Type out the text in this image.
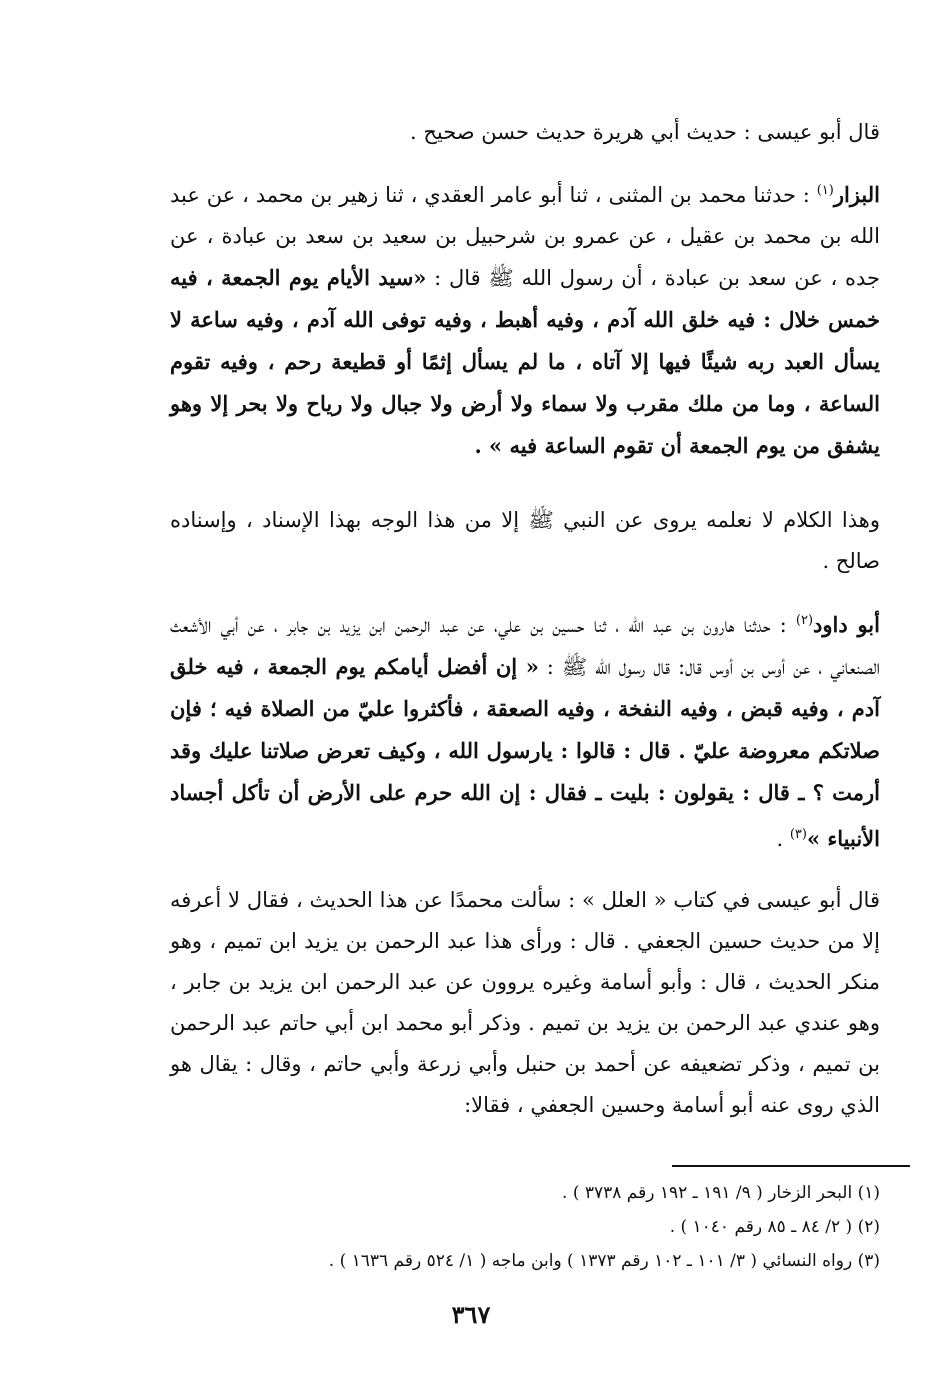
قال أبو عيسى : حديث أبي هريرة حديث حسن صحيح .

البزار$^{(١)}$ : حدثنا محمد بن المثنى ، ثنا أبو عامر العقدي ، ثنا زهير بن محمد ، عن عبد الله بن محمد بن عقيل ، عن عمرو بن شرحبيل بن سعيد بن سعد بن عبادة ، عن جده ، عن سعد بن عبادة ، أن رسول الله ﷺ قال : «سيد الأيام يوم الجمعة ، فيه خمس خلال : فيه خلق الله آدم ، وفيه أهبط ، وفيه توفى الله آدم ، وفيه ساعة لا يسأل العبد ربه شيئًا فيها إلا آتاه ، ما لم يسأل إثمًا أو قطيعة رحم ، وفيه تقوم الساعة ، وما من ملك مقرب ولا سماء ولا أرض ولا جبال ولا رياح ولا بحر إلا وهو يشفق من يوم الجمعة أن تقوم الساعة فيه » .

وهذا الكلام لا نعلمه يروى عن النبي ﷺ إلا من هذا الوجه بهذا الإسناد ، وإسناده صالح .

أبو داود$^{(٢)}$ : حدثنا هارون بن عبد الله ، ثنا حسين بن علي، عن عبد الرحمن ابن يزيد بن جابر ، عن أبي الأشعث الصنعاني ، عن أوس بن أوس قال: قال رسول الله ﷺ : « إن أفضل أيامكم يوم الجمعة ، فيه خلق آدم ، وفيه قبض ، وفيه النفخة ، وفيه الصعقة ، فأكثروا عليّ من الصلاة فيه ؛ فإن صلاتكم معروضة عليّ . قال : قالوا : يارسول الله ، وكيف تعرض صلاتنا عليك وقد أرمت ؟ ـ قال : يقولون : بليت ـ فقال : إن الله حرم على الأرض أن تأكل أجساد الأنبياء »$^{(٣)}$ .

قال أبو عيسى في كتاب « العلل » : سألت محمدًا عن هذا الحديث ، فقال لا أعرفه إلا من حديث حسين الجعفي . قال : ورأى هذا عبد الرحمن بن يزيد ابن تميم ، وهو منكر الحديث ، قال : وأبو أسامة وغيره يروون عن عبد الرحمن ابن يزيد بن جابر ، وهو عندي عبد الرحمن بن يزيد بن تميم . وذكر أبو محمد ابن أبي حاتم عبد الرحمن بن تميم ، وذكر تضعيفه عن أحمد بن حنبل وأبي زرعة وأبي حاتم ، وقال : يقال هو الذي روى عنه أبو أسامة وحسين الجعفي ، فقالا:

(١) البحر الزخار ( ٩/ ١٩١ ـ ١٩٢ رقم ٣٧٣٨ ) .
(٢) ( ٢/ ٨٤ ـ ٨٥ رقم ١٠٤٠ ) .
(٣) رواه النسائي ( ٣/ ١٠١ ـ ١٠٢ رقم ١٣٧٣ ) وابن ماجه ( ١/ ٥٢٤ رقم ١٦٣٦ ) .
٣٦٧
